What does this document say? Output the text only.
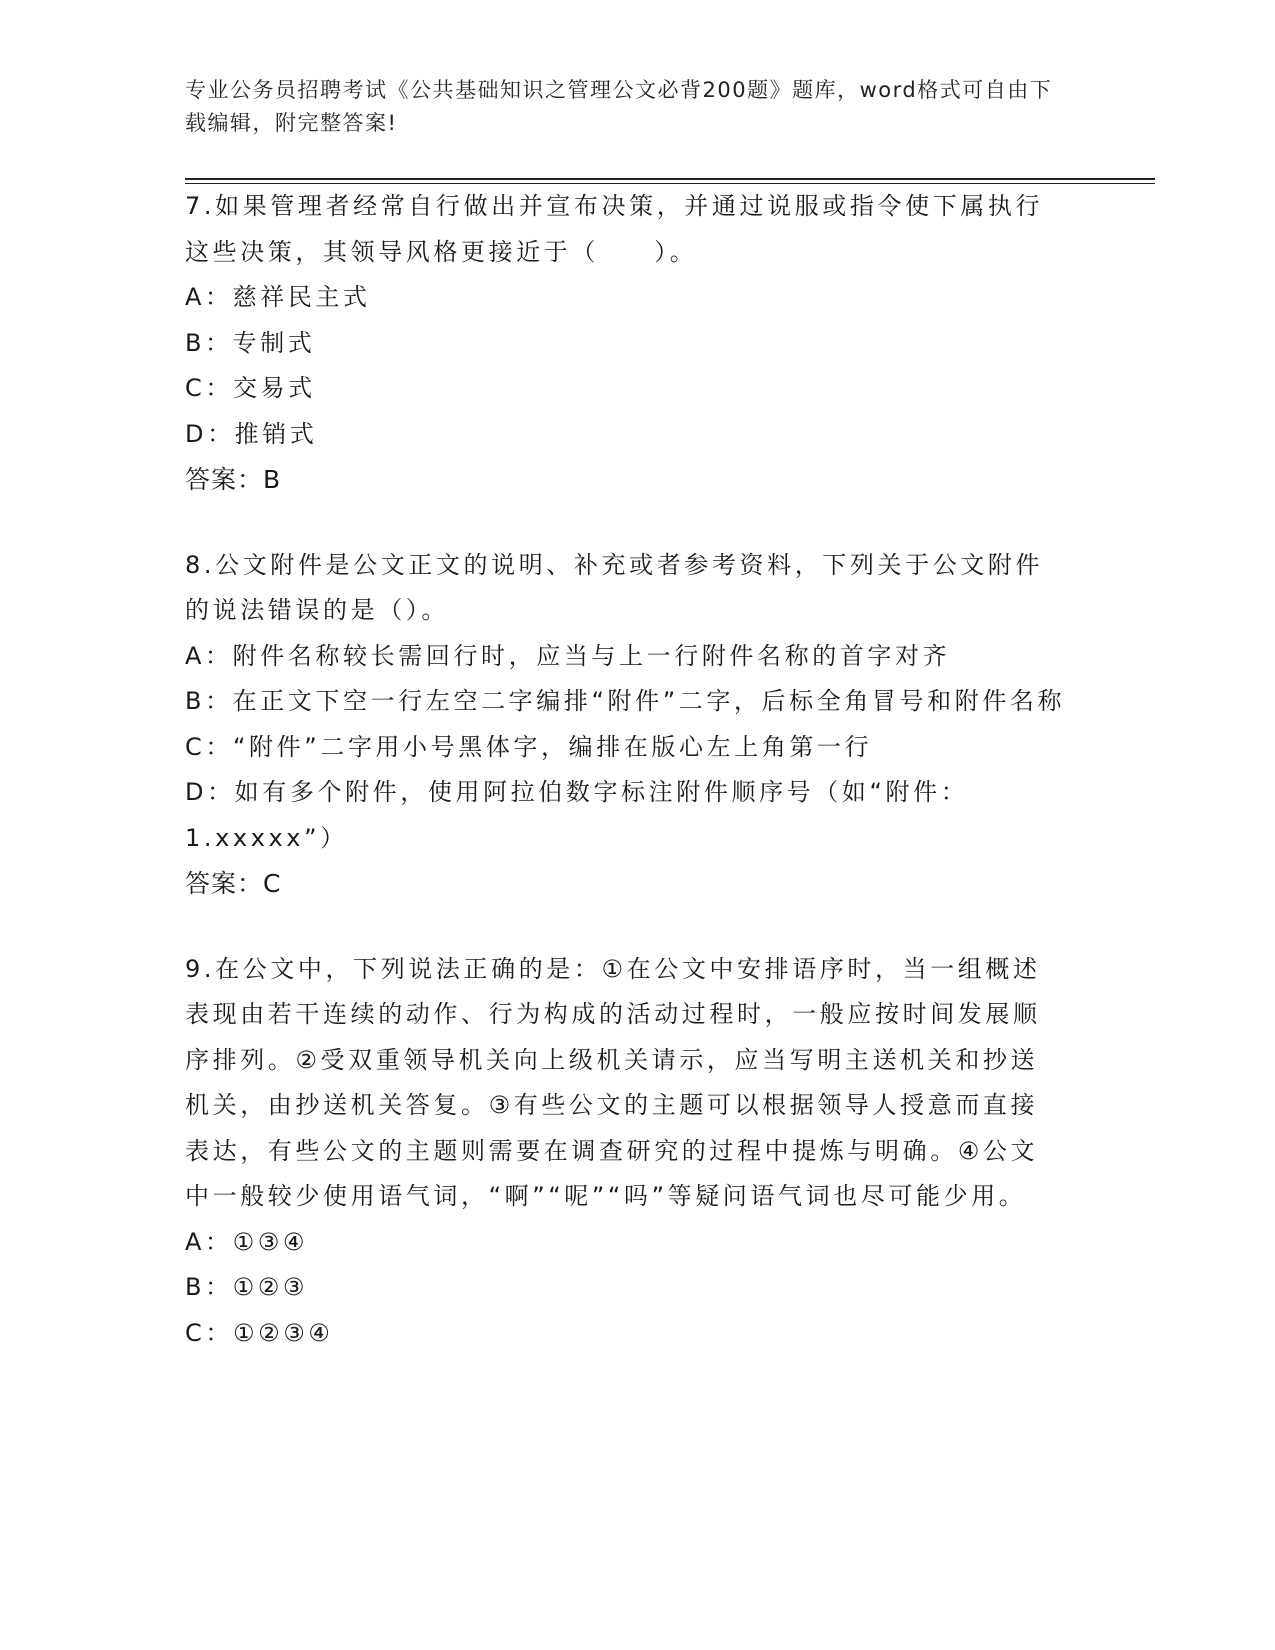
专业公务员招聘考试《公共基础知识之管理公文必背200题》题库，word格式可自由下载编辑，附完整答案!

7.如果管理者经常自行做出并宣布决策，并通过说服或指令使下属执行这些决策，其领导风格更接近于（　　）。

A：慈祥民主式

B：专制式

C：交易式

D：推销式

答案：B

8.公文附件是公文正文的说明、补充或者参考资料，下列关于公文附件的说法错误的是（）。

A：附件名称较长需回行时，应当与上一行附件名称的首字对齐

B：在正文下空一行左空二字编排“附件”二字，后标全角冒号和附件名称

C：“附件”二字用小号黑体字，编排在版心左上角第一行

D：如有多个附件，使用阿拉伯数字标注附件顺序号（如“附件：1.xxxxx”）

答案：C

9.在公文中，下列说法正确的是：①在公文中安排语序时，当一组概述表现由若干连续的动作、行为构成的活动过程时，一般应按时间发展顺序排列。②受双重领导机关向上级机关请示，应当写明主送机关和抄送机关，由抄送机关答复。③有些公文的主题可以根据领导人授意而直接表达，有些公文的主题则需要在调查研究的过程中提炼与明确。④公文中一般较少使用语气词，“啊”“呢”“吗”等疑问语气词也尽可能少用。

A：①③④

B：①②③

C：①②③④
